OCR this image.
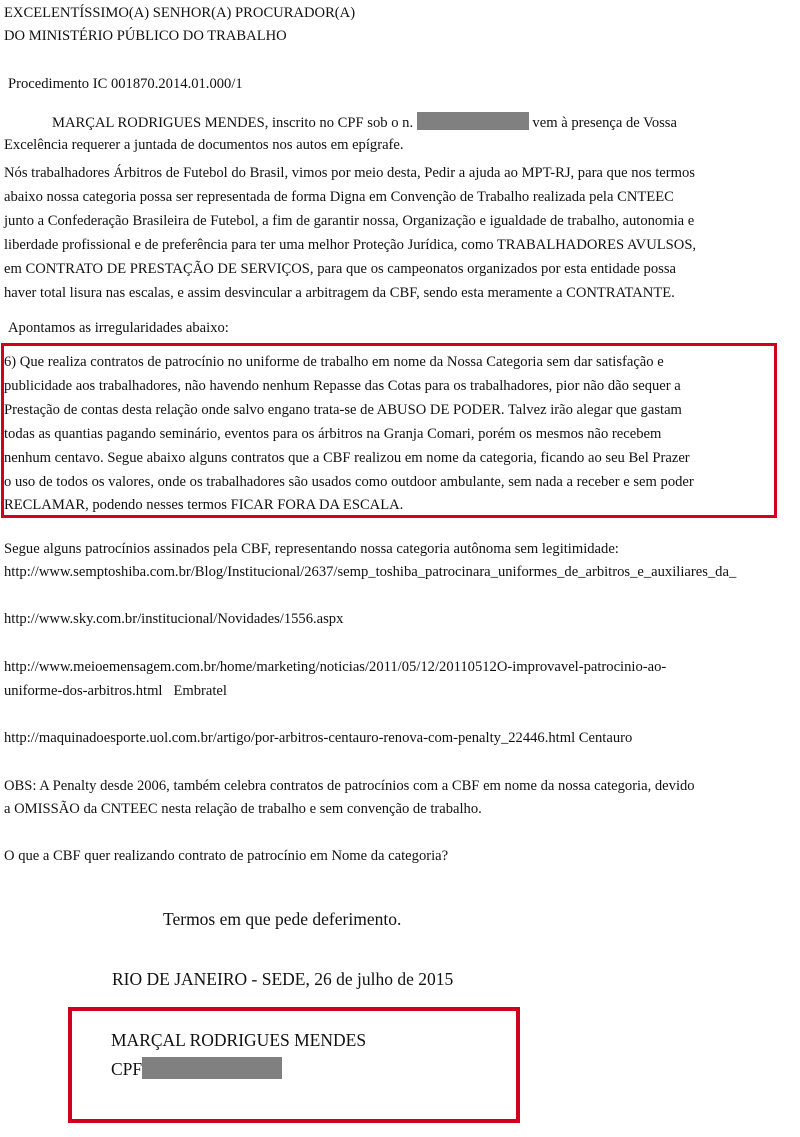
EXCELENTÍSSIMO(A) SENHOR(A) PROCURADOR(A)
DO MINISTÉRIO PÚBLICO DO TRABALHO
Procedimento IC 001870.2014.01.000/1
MARÇAL RODRIGUES MENDES, inscrito no CPF sob o n.	vem à presença de Vossa
Excelência requerer a juntada de documentos nos autos em epígrafe.
Nós trabalhadores Árbitros de Futebol do Brasil, vimos por meio desta, Pedir a ajuda ao MPT-RJ, para que nos termos
abaixo nossa categoria possa ser representada de forma Digna em Convenção de Trabalho realizada pela CNTEEC
junto a Confederação Brasileira de Futebol, a fim de garantir nossa, Organização e igualdade de trabalho, autonomia e
liberdade profissional e de preferência para ter uma melhor Proteção Jurídica, como TRABALHADORES AVULSOS,
em CONTRATO DE PRESTAÇÃO DE SERVIÇOS, para que os campeonatos organizados por esta entidade possa
haver total lisura nas escalas, e assim desvincular a arbitragem da CBF, sendo esta meramente a CONTRATANTE.
Apontamos as irregularidades abaixo:
6) Que realiza contratos de patrocínio no uniforme de trabalho em nome da Nossa Categoria sem dar satisfação e
publicidade aos trabalhadores, não havendo nenhum Repasse das Cotas para os trabalhadores, pior não dão sequer a
Prestação de contas desta relação onde salvo engano trata-se de ABUSO DE PODER. Talvez irão alegar que gastam
todas as quantias pagando seminário, eventos para os árbitros na Granja Comari, porém os mesmos não recebem
nenhum centavo. Segue abaixo alguns contratos que a CBF realizou em nome da categoria, ficando ao seu Bel Prazer
o uso de todos os valores, onde os trabalhadores são usados como outdoor ambulante, sem nada a receber e sem poder
RECLAMAR, podendo nesses termos FICAR FORA DA ESCALA.
Segue alguns patrocínios assinados pela CBF, representando nossa categoria autônoma sem legitimidade:
http://www.semptoshiba.com.br/Blog/Institucional/2637/semp_toshiba_patrocinara_uniformes_de_arbitros_e_auxiliares_da_
http://www.sky.com.br/institucional/Novidades/1556.aspx
http://www.meioemensagem.com.br/home/marketing/noticias/2011/05/12/20110512O-improvavel-patrocinio-ao-
uniforme-dos-arbitros.html Embratel
http://maquinadoesporte.uol.com.br/artigo/por-arbitros-centauro-renova-com-penalty_22446.html Centauro
OBS: A Penalty desde 2006, também celebra contratos de patrocínios com a CBF em nome da nossa categoria, devido
a OMISSÃO da CNTEEC nesta relação de trabalho e sem convenção de trabalho.
O que a CBF quer realizando contrato de patrocínio em Nome da categoria?
Termos em que pede deferimento.
RIO DE JANEIRO - SEDE, 26 de julho de 2015
MARÇAL RODRIGUES MENDES
CPF
